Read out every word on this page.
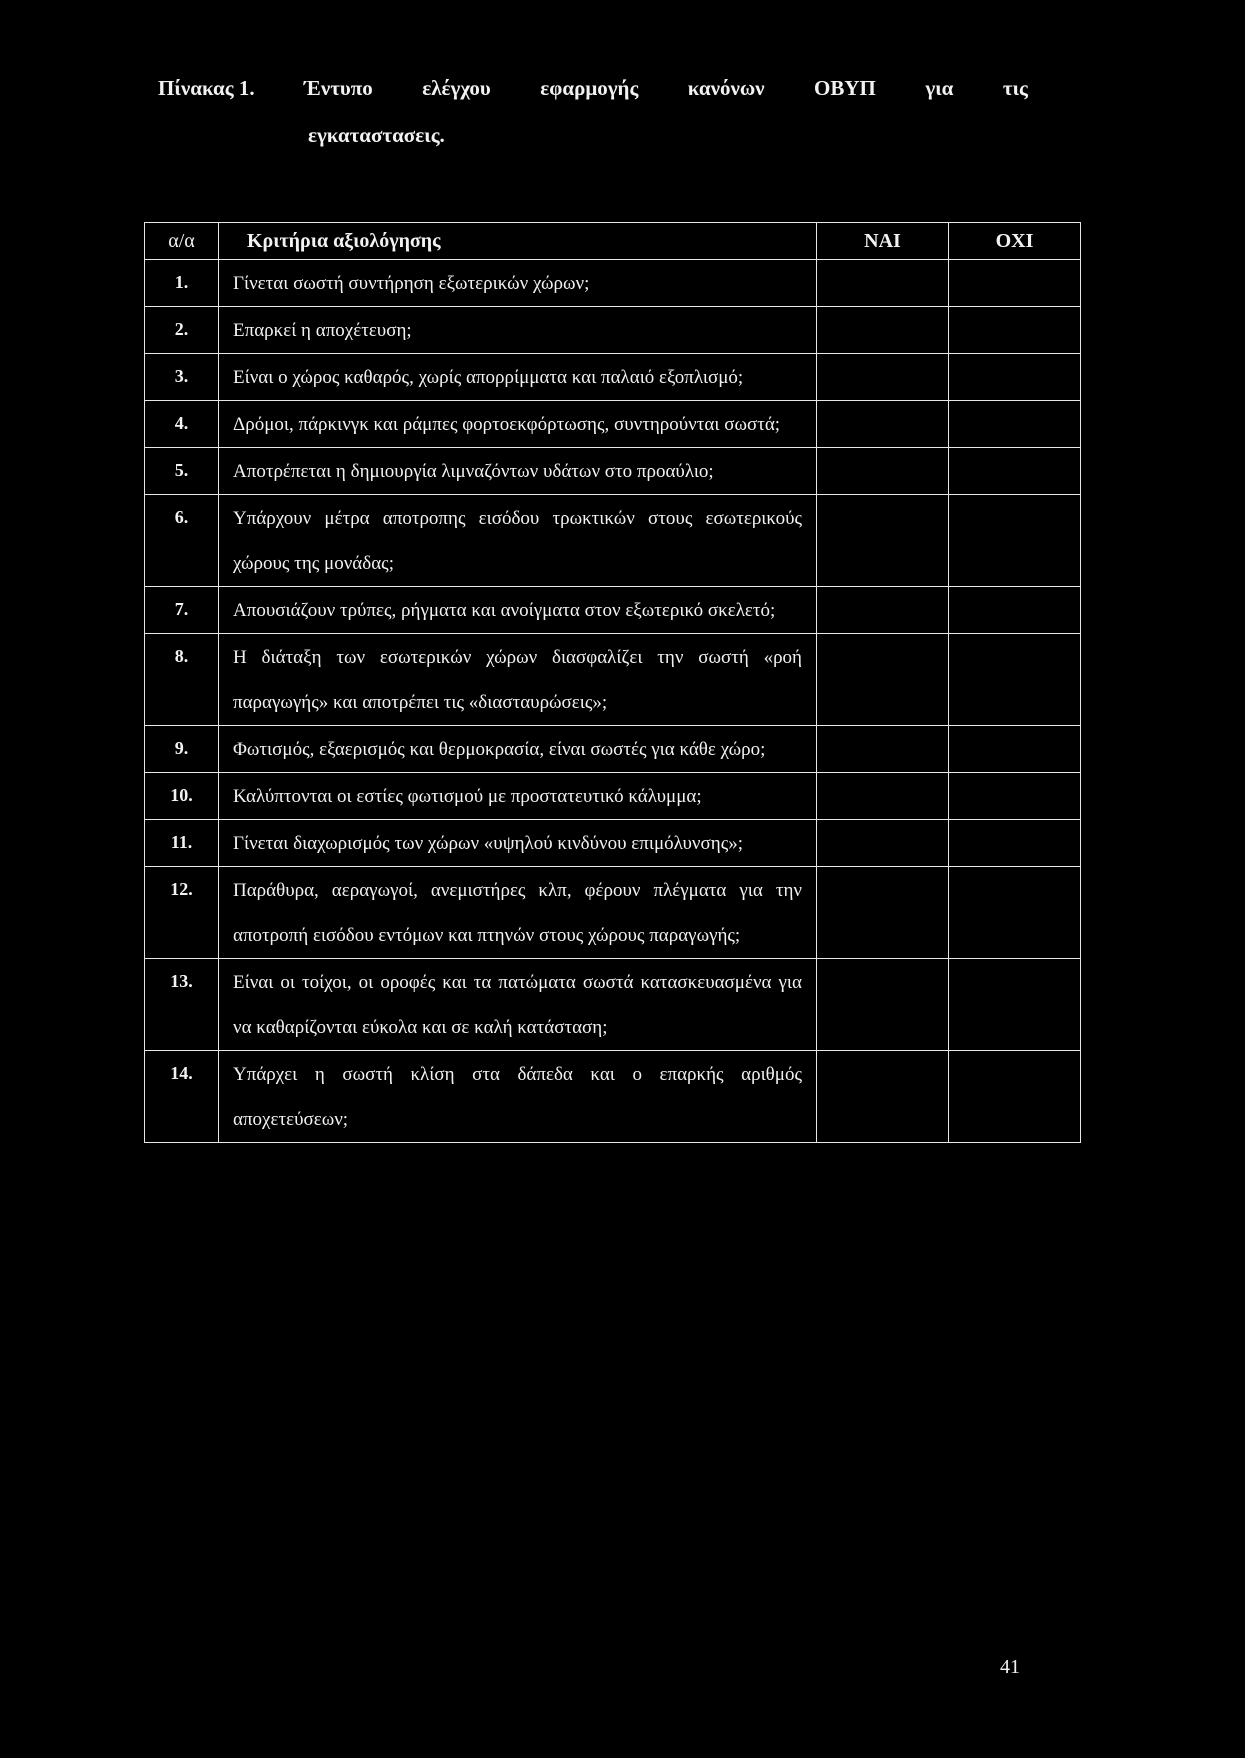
Πίνακας 1. Έντυπο ελέγχου εφαρμογής κανόνων ΟΒΥΠ για τις
εγκαταστασεις.
α/α	Κριτήρια αξιολόγησης	ΝΑΙ	ΟΧΙ
1.	Γίνεται σωστή συντήρηση εξωτερικών χώρων;		
2.	Επαρκεί η αποχέτευση;		
3.	Είναι ο χώρος καθαρός, χωρίς απορρίμματα και παλαιό εξοπλισμό;		
4.	Δρόμοι, πάρκινγκ και ράμπες φορτοεκφόρτωσης, συντηρούνται σωστά;		
5.	Αποτρέπεται η δημιουργία λιμναζόντων υδάτων στο προαύλιο;		
6.	Υπάρχουν μέτρα αποτροπης εισόδου τρωκτικών στους εσωτερικούς χώρους της μονάδας;		
7.	Απουσιάζουν τρύπες, ρήγματα και ανοίγματα στον εξωτερικό σκελετό;		
8.	Η διάταξη των εσωτερικών χώρων διασφαλίζει την σωστή «ροή παραγωγής» και αποτρέπει τις «διασταυρώσεις»;		
9.	Φωτισμός, εξαερισμός και θερμοκρασία, είναι σωστές για κάθε χώρο;		
10.	Καλύπτονται οι εστίες φωτισμού με προστατευτικό κάλυμμα;		
11.	Γίνεται διαχωρισμός των χώρων «υψηλού κινδύνου επιμόλυνσης»;		
12.	Παράθυρα, αεραγωγοί, ανεμιστήρες κλπ, φέρουν πλέγματα για την αποτροπή εισόδου εντόμων και πτηνών στους χώρους παραγωγής;		
13.	Είναι οι τοίχοι, οι οροφές και τα πατώματα σωστά κατασκευασμένα για να καθαρίζονται εύκολα και σε καλή κατάσταση;		
14.	Υπάρχει η σωστή κλίση στα δάπεδα και ο επαρκής αριθμός αποχετεύσεων;		
41
